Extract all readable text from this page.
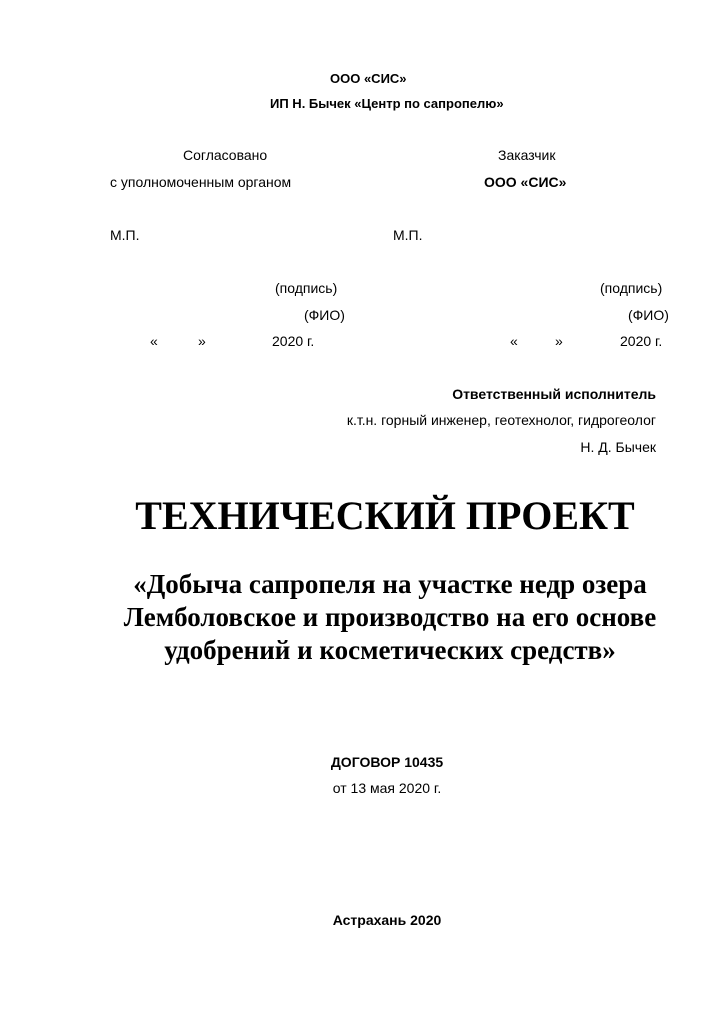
ООО «СИС»
ИП Н. Бычек «Центр по сапропелю»
Согласовано
с уполномоченным органом
М.П.
(подпись)
(ФИО)
«	»	2020 г.
Заказчик
ООО «СИС»
М.П.
(подпись)
(ФИО)
«	»	2020 г.
Ответственный исполнитель
к.т.н. горный инженер, геотехнолог, гидрогеолог
Н. Д. Бычек
ТЕХНИЧЕСКИЙ ПРОЕКТ
«Добыча сапропеля на участке недр озера Лемболовское и производство на его основе удобрений и косметических средств»
ДОГОВОР 10435
от 13 мая 2020 г.
Астрахань 2020
